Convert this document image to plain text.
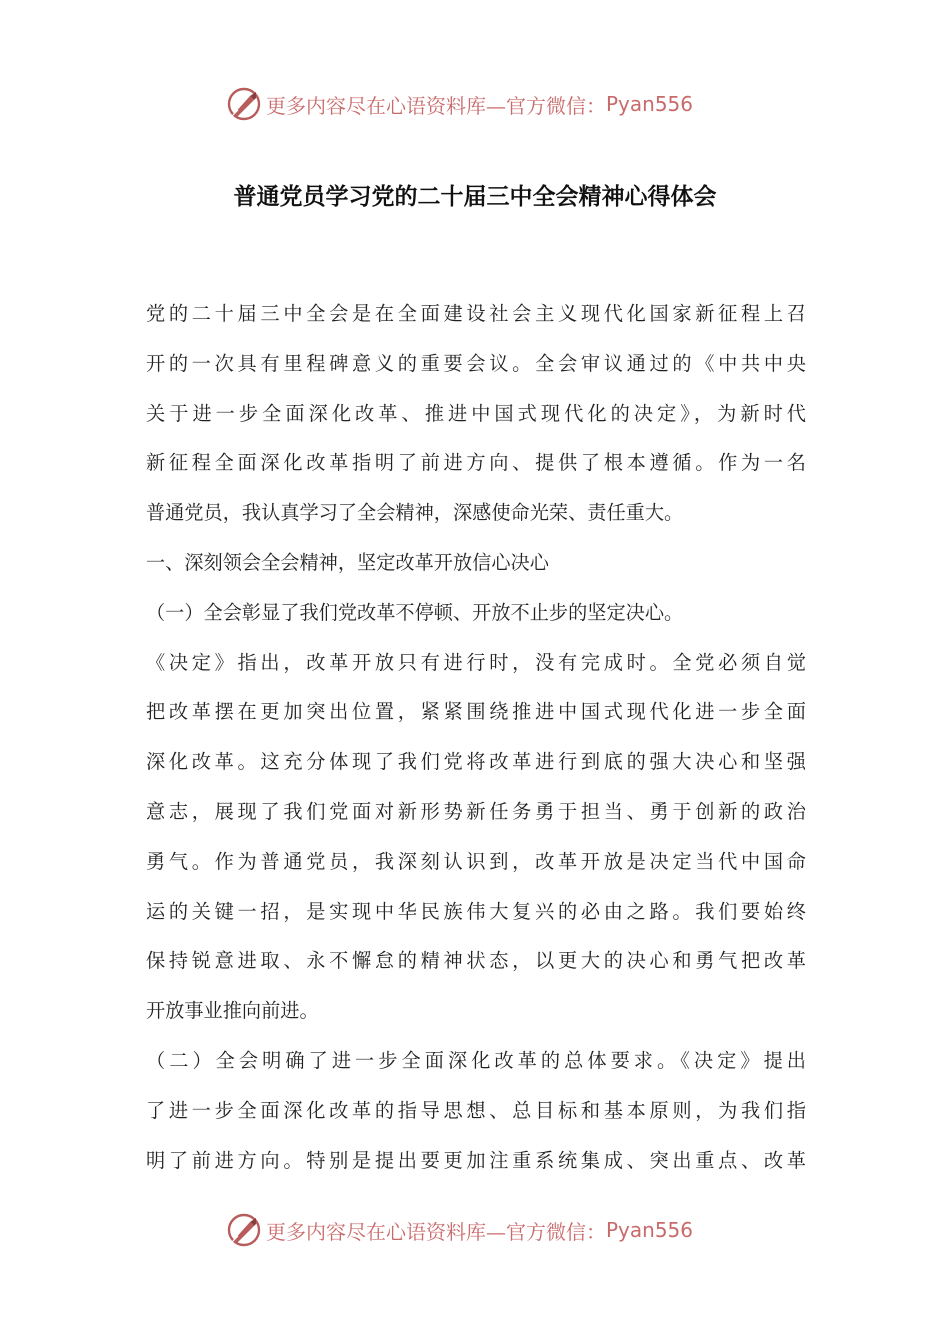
更多内容尽在心语资料库—官方微信： Pyan556
普通党员学习党的二十届三中全会精神心得体会
党的二十届三中全会是在全面建设社会主义现代化国家新征程上召
开的一次具有里程碑意义的重要会议。全会审议通过的《中共中央
关于进一步全面深化改革、推进中国式现代化的决定》，为新时代
新征程全面深化改革指明了前进方向、提供了根本遵循。作为一名
普通党员，我认真学习了全会精神，深感使命光荣、责任重大。
一、深刻领会全会精神，坚定改革开放信心决心
（一）全会彰显了我们党改革不停顿、开放不止步的坚定决心。
《决定》指出，改革开放只有进行时，没有完成时。全党必须自觉
把改革摆在更加突出位置，紧紧围绕推进中国式现代化进一步全面
深化改革。这充分体现了我们党将改革进行到底的强大决心和坚强
意志，展现了我们党面对新形势新任务勇于担当、勇于创新的政治
勇气。作为普通党员，我深刻认识到，改革开放是决定当代中国命
运的关键一招，是实现中华民族伟大复兴的必由之路。我们要始终
保持锐意进取、永不懈怠的精神状态，以更大的决心和勇气把改革
开放事业推向前进。
（二）全会明确了进一步全面深化改革的总体要求。《决定》提出
了进一步全面深化改革的指导思想、总目标和基本原则，为我们指
明了前进方向。特别是提出要更加注重系统集成、突出重点、改革
更多内容尽在心语资料库—官方微信： Pyan556
